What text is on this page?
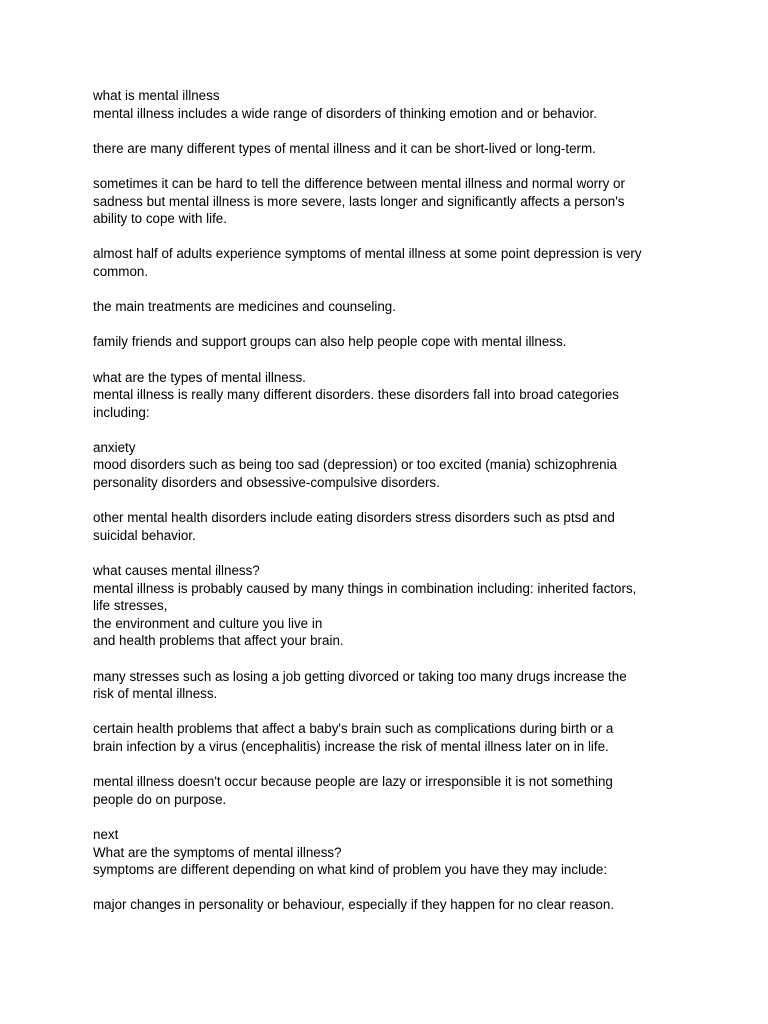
what is mental illness
mental illness includes a wide range of disorders of thinking emotion and or behavior.
there are many different types of mental illness and it can be short-lived or long-term.
sometimes it can be hard to tell the difference between mental illness and normal worry or
sadness but mental illness is more severe, lasts longer and significantly affects a person's
ability to cope with life.
almost half of adults experience symptoms of mental illness at some point depression is very
common.
the main treatments are medicines and counseling.
family friends and support groups can also help people cope with mental illness.
what are the types of mental illness.
mental illness is really many different disorders. these disorders fall into broad categories
including:
anxiety
mood disorders such as being too sad (depression) or too excited (mania) schizophrenia
personality disorders and obsessive-compulsive disorders.
other mental health disorders include eating disorders stress disorders such as ptsd and
suicidal behavior.
what causes mental illness?
mental illness is probably caused by many things in combination including: inherited factors,
life stresses,
the environment and culture you live in
and health problems that affect your brain.
many stresses such as losing a job getting divorced or taking too many drugs increase the
risk of mental illness.
certain health problems that affect a baby's brain such as complications during birth or a
brain infection by a virus (encephalitis) increase the risk of mental illness later on in life.
mental illness doesn't occur because people are lazy or irresponsible it is not something
people do on purpose.
next
What are the symptoms of mental illness?
symptoms are different depending on what kind of problem you have they may include:
major changes in personality or behaviour, especially if they happen for no clear reason.
